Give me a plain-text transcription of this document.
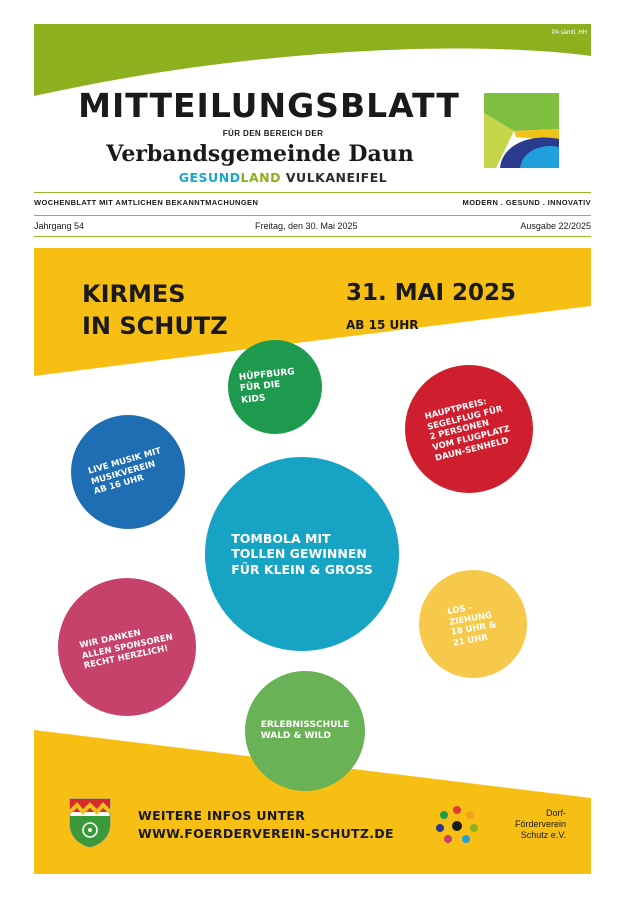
PA sämtl. HH
MITTEILUNGSBLATT
FÜR DEN BEREICH DER
Verbandsgemeinde Daun
GESUNDLAND VULKANEIFEL
WOCHENBLATT MIT AMTLICHEN BEKANNTMACHUNGEN	MODERN . GESUND . INNOVATIV
Jahrgang 54	Freitag, den 30. Mai 2025	Ausgabe 22/2025
KIRMES
IN SCHUTZ
31. MAI 2025
AB 15 UHR
HÜPFBURG
FÜR DIE
KIDS	HAUPTPREIS:
SEGELFLUG FÜR
2 PERSONEN
VOM FLUGPLATZ
DAUN-SENHELD
LIVE MUSIK MIT
MUSIKVEREIN
AB 16 UHR
TOMBOLA MIT
TOLLEN GEWINNEN
FÜR KLEIN & GROSS
LOS -
ZIEHUNG
18 UHR &
21 UHR
WIR DANKEN
ALLEN SPONSOREN
RECHT HERZLICH!
ERLEBNISSCHULE
WALD & WILD
WEITERE INFOS UNTER
WWW.FOERDERVEREIN-SCHUTZ.DE
Dorf-
Förderverein
Schutz e.V.
